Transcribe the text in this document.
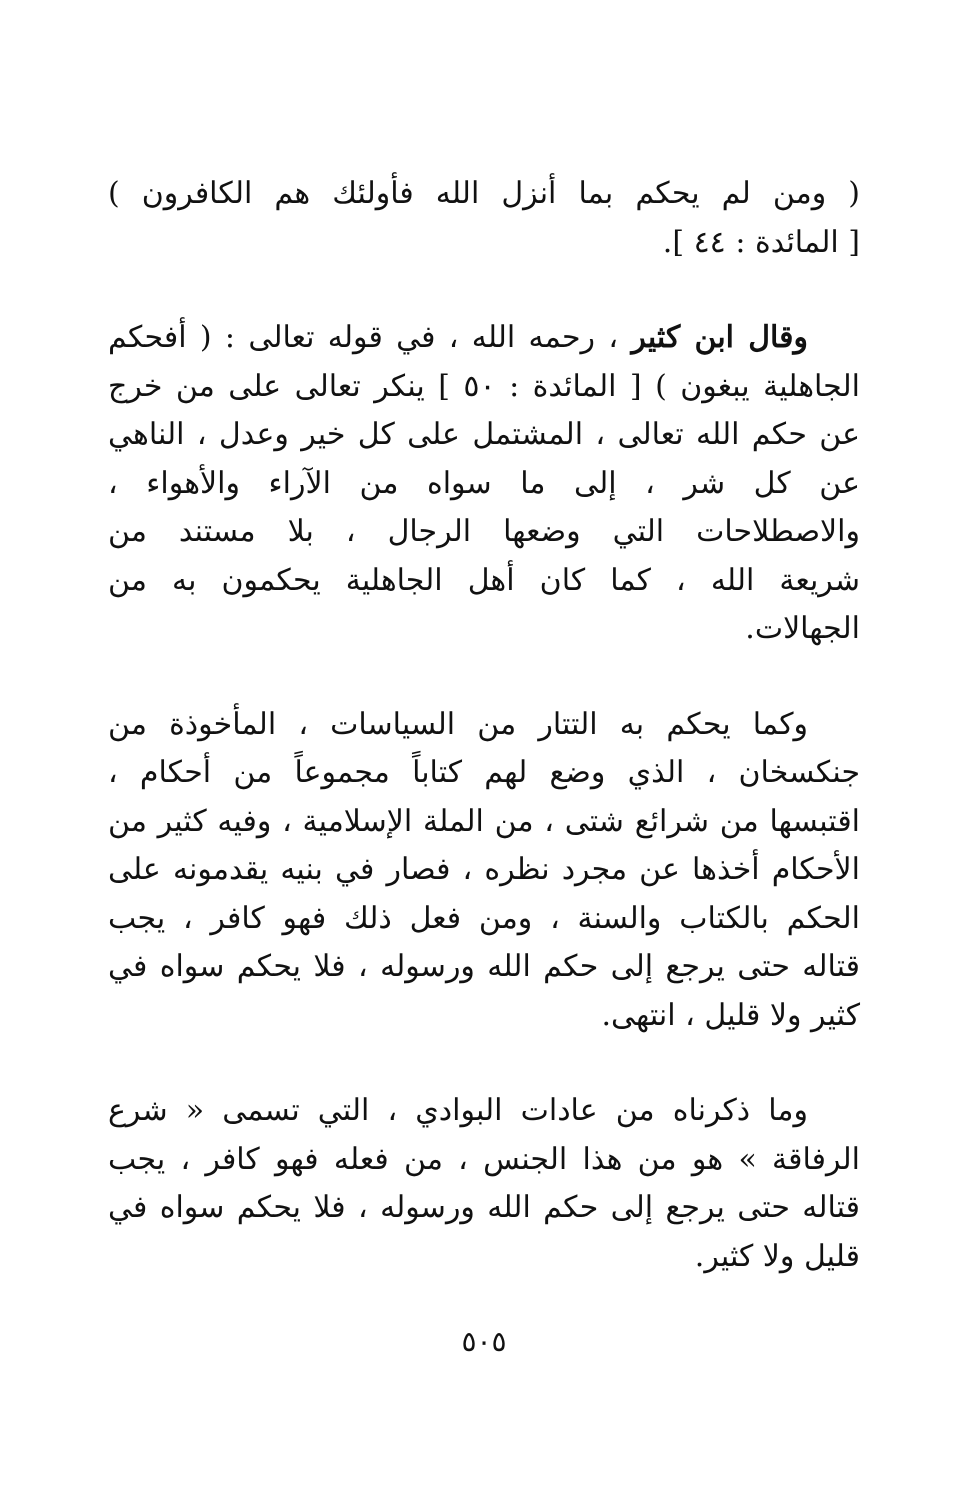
( ومن لم يحكم بما أنزل الله فأولئك هم الكافرون )
[ المائدة : ٤٤ ].

وقال ابن كثير ، رحمه الله ، في قوله تعالى : ( أفحكم
الجاهلية يبغون ) [ المائدة : ٥٠ ] ينكر تعالى على من خرج
عن حكم الله تعالى ، المشتمل على كل خير وعدل ، الناهي
عن كل شر ، إلى ما سواه من الآراء والأهواء ،
والاصطلاحات التي وضعها الرجال ، بلا مستند من
شريعة الله ، كما كان أهل الجاهلية يحكمون به من
الجهالات.

وكما يحكم به التتار من السياسات ، المأخوذة من
جنكسخان ، الذي وضع لهم كتاباً مجموعاً من أحكام ،
اقتبسها من شرائع شتى ، من الملة الإسلامية ، وفيه كثير من
الأحكام أخذها عن مجرد نظره ، فصار في بنيه يقدمونه على
الحكم بالكتاب والسنة ، ومن فعل ذلك فهو كافر ، يجب
قتاله حتى يرجع إلى حكم الله ورسوله ، فلا يحكم سواه في
كثير ولا قليل ، انتهى.

وما ذكرناه من عادات البوادي ، التي تسمى « شرع
الرفاقة » هو من هذا الجنس ، من فعله فهو كافر ، يجب
قتاله حتى يرجع إلى حكم الله ورسوله ، فلا يحكم سواه في
قليل ولا كثير.

٥٠٥
